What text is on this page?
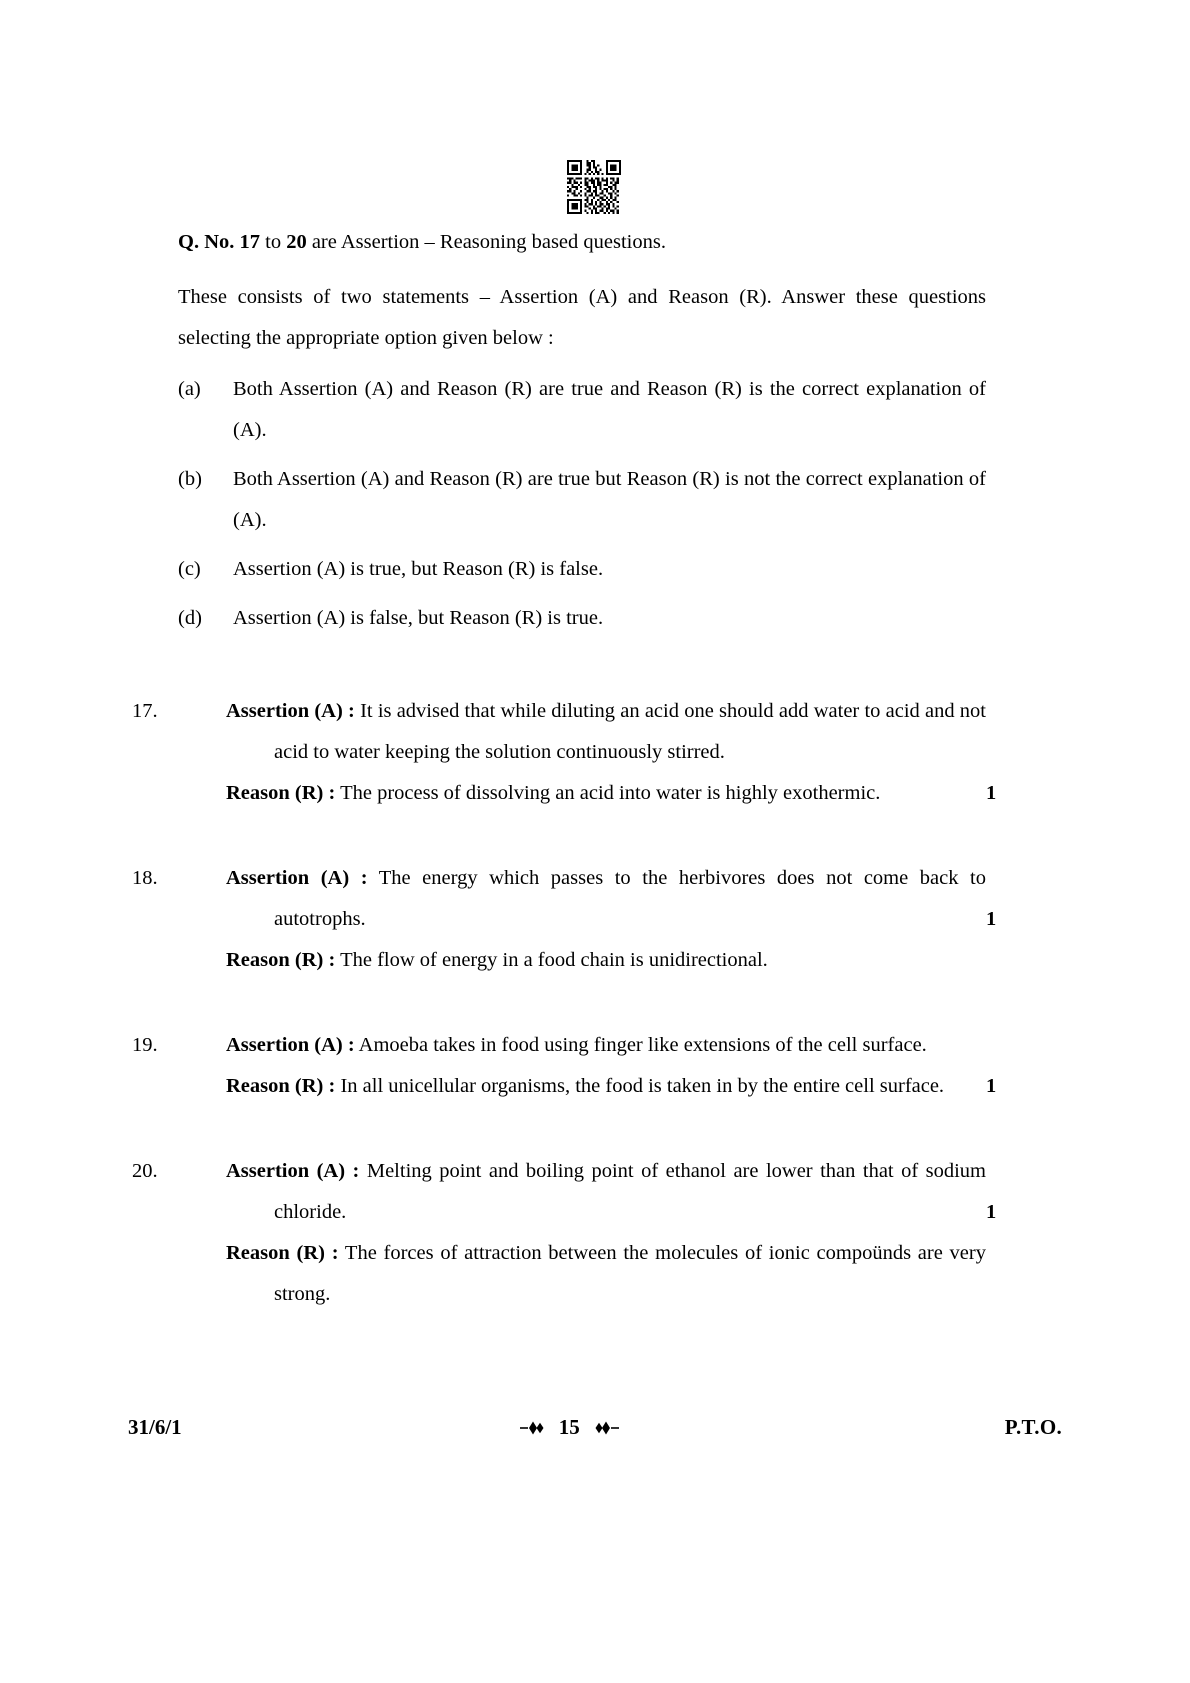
Q. No. 17 to 20 are Assertion – Reasoning based questions.

These consists of two statements – Assertion (A) and Reason (R). Answer these questions selecting the appropriate option given below :

(a)	Both Assertion (A) and Reason (R) are true and Reason (R) is the correct explanation of (A).
(b)	Both Assertion (A) and Reason (R) are true but Reason (R) is not the correct explanation of (A).
(c)	Assertion (A) is true, but Reason (R) is false.
(d)	Assertion (A) is false, but Reason (R) is true.
17.	Assertion (A) : It is advised that while diluting an acid one should add water to acid and not acid to water keeping the solution continuously stirred.
1

Reason (R) : The process of dissolving an acid into water is highly exothermic.

18.	Assertion (A) : The energy which passes to the herbivores does not come back to autotrophs.	1

Reason (R) : The flow of energy in a food chain is unidirectional.

19.	Assertion (A) : Amoeba takes in food using finger like extensions of the cell surface.
1

Reason (R) : In all unicellular organisms, the food is taken in by the entire cell surface.

20.	Assertion (A) : Melting point and boiling point of ethanol are lower than that of sodium chloride.	1

Reason (R) : The forces of attraction between the molecules of ionic compoünds are very strong.

31/6/1	15	P.T.O.
